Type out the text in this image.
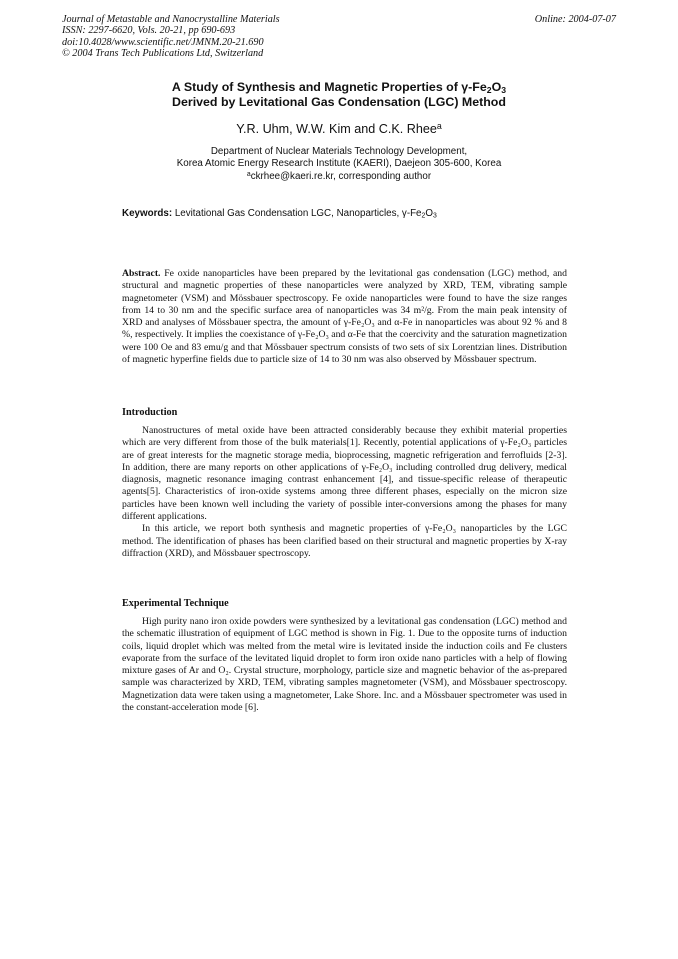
Journal of Metastable and Nanocrystalline Materials
ISSN: 2297-6620, Vols. 20-21, pp 690-693
doi:10.4028/www.scientific.net/JMNM.20-21.690
© 2004 Trans Tech Publications Ltd, Switzerland
Online: 2004-07-07
A Study of Synthesis and Magnetic Properties of $\gamma-Fe_2O_3$
Derived by Levitational Gas Condensation (LGC) Method
Y.R. Uhm, W.W. Kim and C.K. Rhee$^a$
Department of Nuclear Materials Technology Development,
Korea Atomic Energy Research Institute (KAERI), Daejeon 305-600, Korea
$^a$ckrhee@kaeri.re.kr, corresponding author
Keywords: Levitational Gas Condensation LGC, Nanoparticles, $\gamma-Fe_2O_3$
Abstract. Fe oxide nanoparticles have been prepared by the levitational gas condensation (LGC) method, and structural and magnetic properties of these nanoparticles were analyzed by XRD, TEM, vibrating sample magnetometer (VSM) and Mössbauer spectroscopy. Fe oxide nanoparticles were found to have the size ranges from 14 to 30 nm and the specific surface area of nanoparticles was 34 m²/g. From the main peak intensity of XRD and analyses of Mössbauer spectra, the amount of γ-Fe₂O₃ and α-Fe in nanoparticles was about 92 % and 8 %, respectively. It implies the coexistance of γ-Fe₂O₃ and α-Fe that the coercivity and the saturation magnetization were 100 Oe and 83 emu/g and that Mössbauer spectrum consists of two sets of six Lorentzian lines. Distribution of magnetic hyperfine fields due to particle size of 14 to 30 nm was also observed by Mössbauer spectrum.
Introduction

Nanostructures of metal oxide have been attracted considerably because they exhibit material properties which are very different from those of the bulk materials[1]. Recently, potential applications of γ-Fe₂O₃ particles are of great interests for the magnetic storage media, bioprocessing, magnetic refrigeration and ferrofluids [2-3]. In addition, there are many reports on other applications of γ-Fe₂O₃ including controlled drug delivery, medical diagnosis, magnetic resonance imaging contrast enhancement [4], and tissue-specific release of therapeutic agents[5]. Characteristics of iron-oxide systems among three different phases, especially on the micron size particles have been known well including the variety of possible inter-conversions among the phases for many different applications.

In this article, we report both synthesis and magnetic properties of γ-Fe₂O₃ nanoparticles by the LGC method. The identification of phases has been clarified based on their structural and magnetic properties by X-ray diffraction (XRD), and Mössbauer spectroscopy.

Experimental Technique

High purity nano iron oxide powders were synthesized by a levitational gas condensation (LGC) method and the schematic illustration of equipment of LGC method is shown in Fig. 1. Due to the opposite turns of induction coils, liquid droplet which was melted from the metal wire is levitated inside the induction coils and Fe clusters evaporate from the surface of the levitated liquid droplet to form iron oxide nano particles with a help of flowing mixture gases of Ar and O₂. Crystal structure, morphology, particle size and magnetic behavior of the as-prepared sample was characterized by XRD, TEM, vibrating samples magnetometer (VSM), and Mössbauer spectroscopy. Magnetization data were taken using a magnetometer, Lake Shore. Inc. and a Mössbauer spectrometer was used in the constant-acceleration mode [6].
